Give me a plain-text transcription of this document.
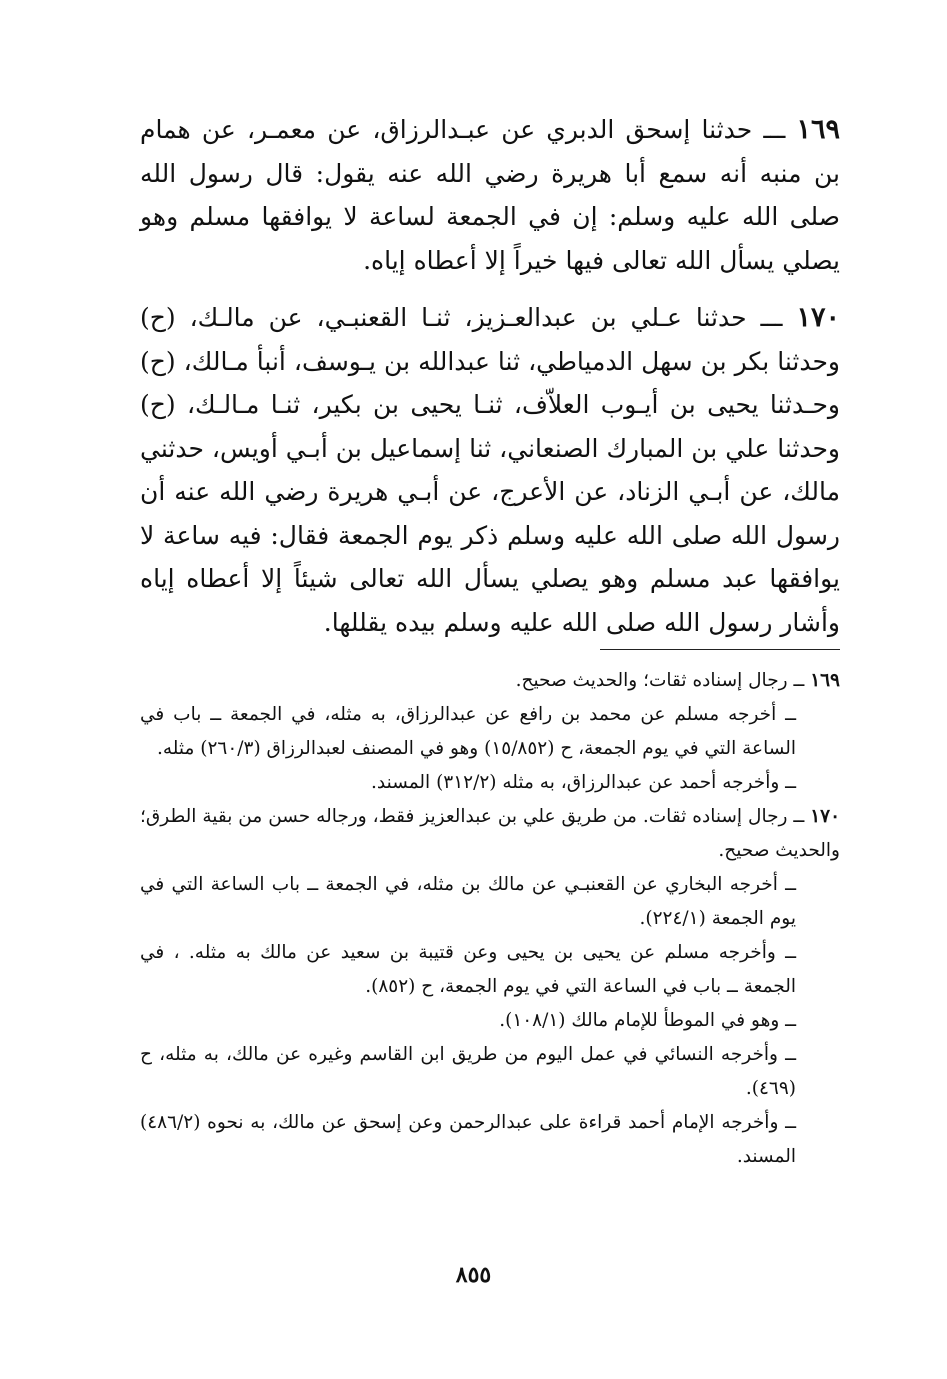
١٦٩ ـــ حدثنا إسحق الدبري عن عبـدالرزاق، عن معمـر، عن همام بن منبه أنه سمع أبا هريرة رضي الله عنه يقول: قال رسول الله صلى الله عليه وسلم: إن في الجمعة لساعة لا يوافقها مسلم وهو يصلي يسأل الله تعالى فيها خيراً إلا أعطاه إياه.

١٧٠ ـــ حدثنا عـلي بن عبدالعـزيز، ثنـا القعنبـي، عن مالـك، (ح) وحدثنا بكر بن سهل الدمياطي، ثنا عبدالله بن يـوسف، أنبأ مـالك، (ح) وحـدثنا يحيى بن أيـوب العلاّف، ثنـا يحيى بن بكير، ثنـا مـالـك، (ح) وحدثنا علي بن المبارك الصنعاني، ثنا إسماعيل بن أبـي أويس، حدثني مالك، عن أبـي الزناد، عن الأعرج، عن أبـي هريرة رضي الله عنه أن رسول الله صلى الله عليه وسلم ذكر يوم الجمعة فقال: فيه ساعة لا يوافقها عبد مسلم وهو يصلي يسأل الله تعالى شيئاً إلا أعطاه إياه وأشار رسول الله صلى الله عليه وسلم بيده يقللها.

١٦٩ ــ رجال إسناده ثقات؛ والحديث صحيح.

ــ أخرجه مسلم عن محمد بن رافع عن عبدالرزاق، به مثله، في الجمعة ــ باب في الساعة التي في يوم الجمعة، ح (١٥/٨٥٢) وهو في المصنف لعبدالرزاق (٢٦٠/٣) مثله.

ــ وأخرجه أحمد عن عبدالرزاق، به مثله (٣١٢/٢) المسند.

١٧٠ ــ رجال إسناده ثقات. من طريق علي بن عبدالعزيز فقط، ورجاله حسن من بقية الطرق؛ والحديث صحيح.

ــ أخرجه البخاري عن القعنبـي عن مالك بن مثله، في الجمعة ــ باب الساعة التي في يوم الجمعة (٢٢٤/١).

ــ وأخرجه مسلم عن يحيى بن يحيى وعن قتيبة بن سعيد عن مالك به مثله. ، في الجمعة ــ باب في الساعة التي في يوم الجمعة، ح (٨٥٢).

ــ وهو في الموطأ للإمام مالك (١٠٨/١).

ــ وأخرجه النسائي في عمل اليوم من طريق ابن القاسم وغيره عن مالك، به مثله، ح (٤٦٩).

ــ وأخرجه الإمام أحمد قراءة على عبدالرحمن وعن إسحق عن مالك، به نحوه (٤٨٦/٢) المسند.

٨٥٥
